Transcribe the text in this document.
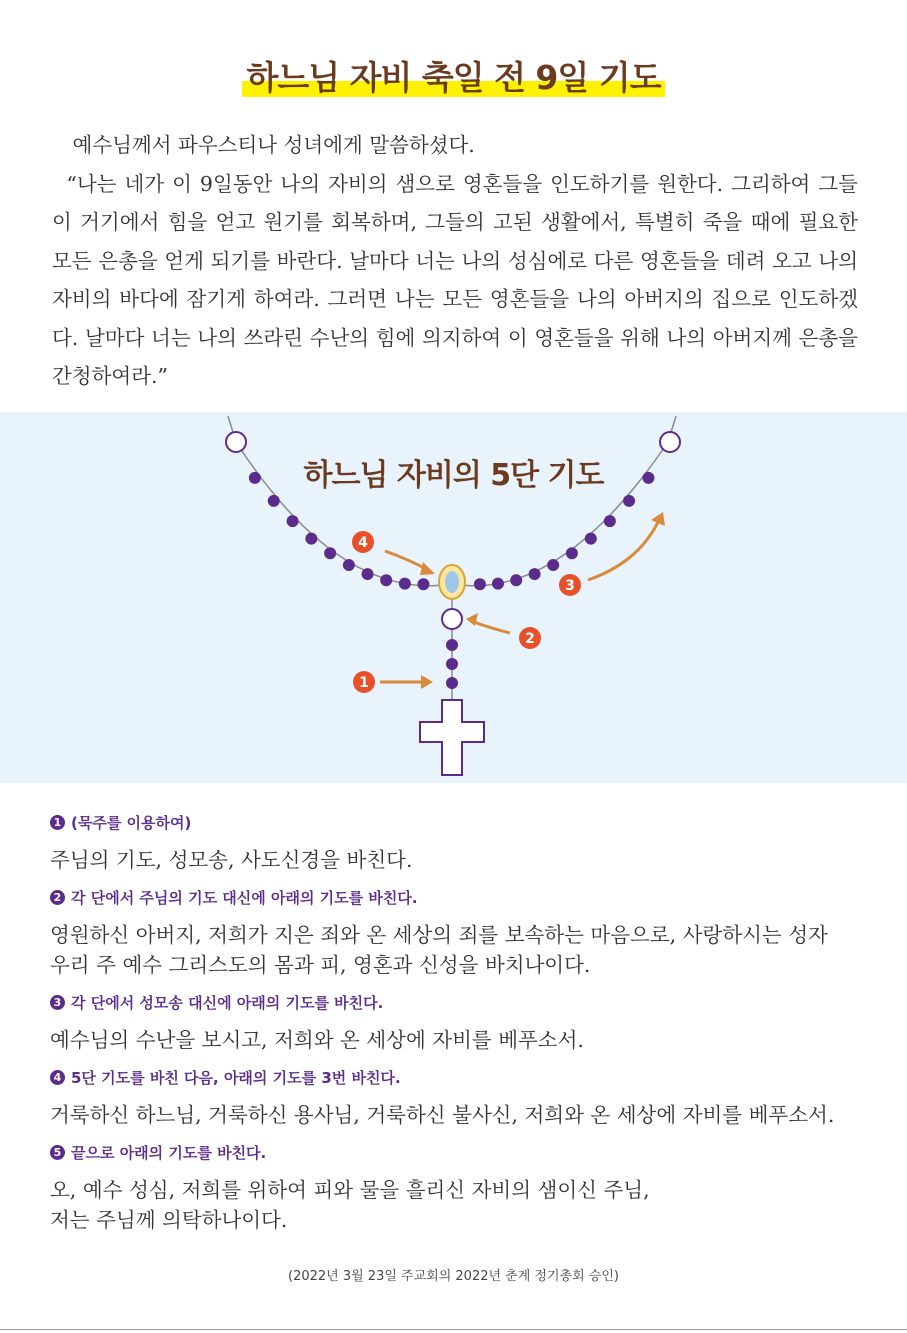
하느님 자비 축일 전 9일 기도

예수님께서 파우스티나 성녀에게 말씀하셨다.

“나는 네가 이 9일동안 나의 자비의 샘으로 영혼들을 인도하기를 원한다. 그리하여 그들이 거기에서 힘을 얻고 원기를 회복하며, 그들의 고된 생활에서, 특별히 죽을 때에 필요한 모든 은총을 얻게 되기를 바란다. 날마다 너는 나의 성심에로 다른 영혼들을 데려 오고 나의 자비의 바다에 잠기게 하여라. 그러면 나는 모든 영혼들을 나의 아버지의 집으로 인도하겠다. 날마다 너는 나의 쓰라린 수난의 힘에 의지하여 이 영혼들을 위해 나의 아버지께 은총을 간청하여라.”

1
2
3
4
하느님 자비의 5단 기도

1 (묵주를 이용하여)

주님의 기도, 성모송, 사도신경을 바친다.

2 각 단에서 주님의 기도 대신에 아래의 기도를 바친다.

영원하신 아버지, 저희가 지은 죄와 온 세상의 죄를 보속하는 마음으로, 사랑하시는 성자
우리 주 예수 그리스도의 몸과 피, 영혼과 신성을 바치나이다.

3 각 단에서 성모송 대신에 아래의 기도를 바친다.

예수님의 수난을 보시고, 저희와 온 세상에 자비를 베푸소서.

4 5단 기도를 바친 다음, 아래의 기도를 3번 바친다.

거룩하신 하느님, 거룩하신 용사님, 거룩하신 불사신, 저희와 온 세상에 자비를 베푸소서.

5 끝으로 아래의 기도를 바친다.

오, 예수 성심, 저희를 위하여 피와 물을 흘리신 자비의 샘이신 주님,
저는 주님께 의탁하나이다.

(2022년 3월 23일 주교회의 2022년 춘계 정기총회 승인)
